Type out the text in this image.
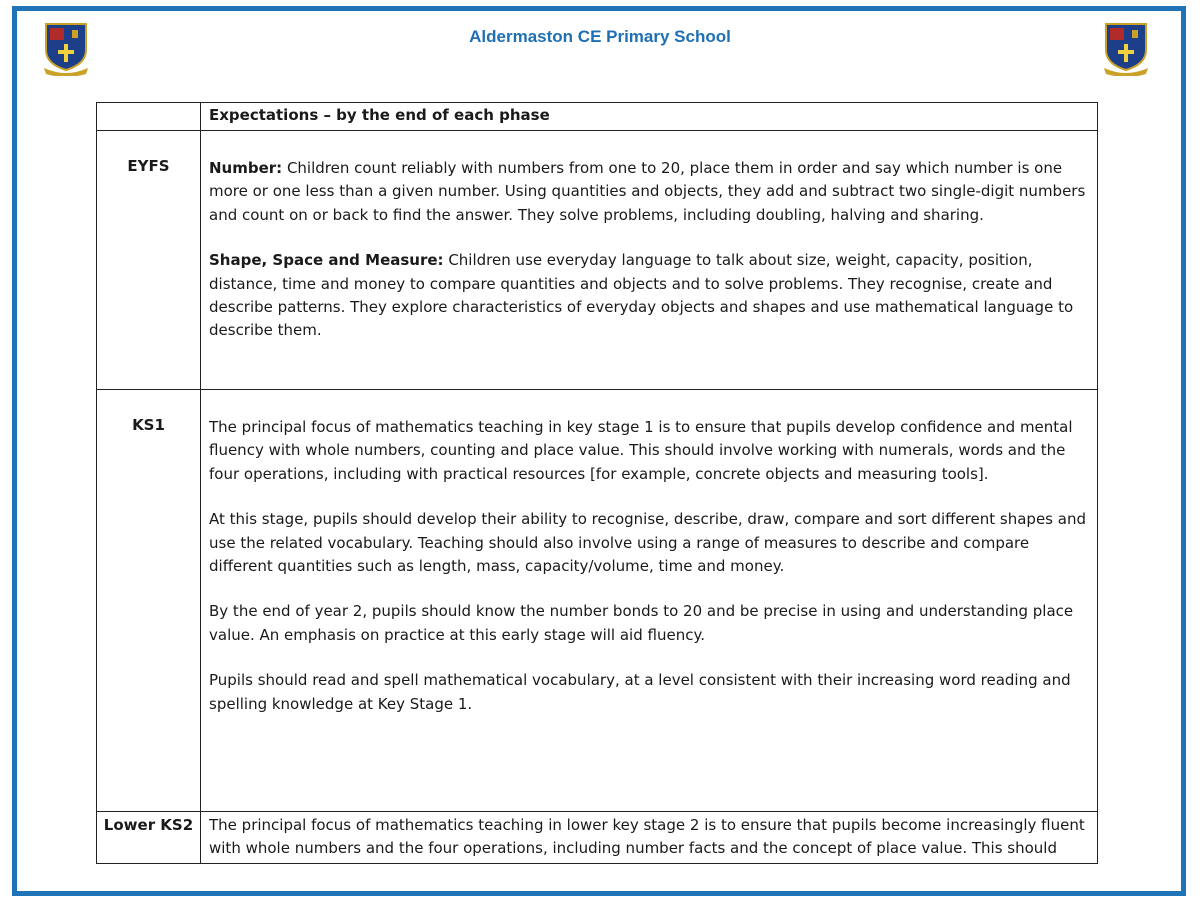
Aldermaston CE Primary School
	Expectations – by the end of each phase
EYFS	Number: Children count reliably with numbers from one to 20, place them in order and say which number is one more or one less than a given number. Using quantities and objects, they add and subtract two single-digit numbers and count on or back to find the answer. They solve problems, including doubling, halving and sharing.

Shape, Space and Measure: Children use everyday language to talk about size, weight, capacity, position, distance, time and money to compare quantities and objects and to solve problems. They recognise, create and describe patterns. They explore characteristics of everyday objects and shapes and use mathematical language to describe them.

KS1	The principal focus of mathematics teaching in key stage 1 is to ensure that pupils develop confidence and mental fluency with whole numbers, counting and place value. This should involve working with numerals, words and the four operations, including with practical resources [for example, concrete objects and measuring tools].

At this stage, pupils should develop their ability to recognise, describe, draw, compare and sort different shapes and use the related vocabulary. Teaching should also involve using a range of measures to describe and compare different quantities such as length, mass, capacity/volume, time and money.

By the end of year 2, pupils should know the number bonds to 20 and be precise in using and understanding place value. An emphasis on practice at this early stage will aid fluency.

Pupils should read and spell mathematical vocabulary, at a level consistent with their increasing word reading and spelling knowledge at Key Stage 1.

Lower KS2	The principal focus of mathematics teaching in lower key stage 2 is to ensure that pupils become increasingly fluent with whole numbers and the four operations, including number facts and the concept of place value. This should
